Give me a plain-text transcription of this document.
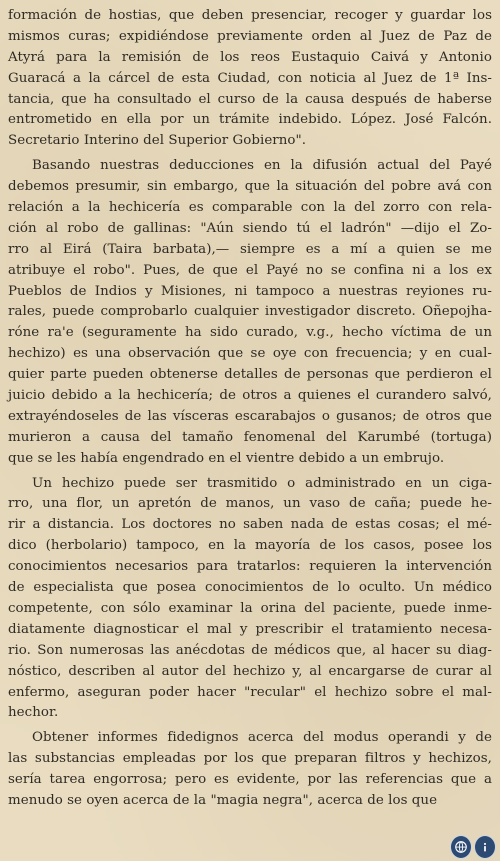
formación de hostias, que deben presenciar, recoger y guardar los
mismos curas; expidiéndose previamente orden al Juez de Paz de
Atyrá para la remisión de los reos Eustaquio Caivá y Antonio
Guaracá a la cárcel de esta Ciudad, con noticia al Juez de 1ª Ins-
tancia, que ha consultado el curso de la causa después de haberse
entrometido en ella por un trámite indebido. López. José Falcón.
Secretario Interino del Superior Gobierno".
Basando nuestras deducciones en la difusión actual del Payé
debemos presumir, sin embargo, que la situación del pobre avá con
relación a la hechicería es comparable con la del zorro con rela-
ción al robo de gallinas: "Aún siendo tú el ladrón" —dijo el Zo-
rro al Eirá (Taira barbata),— siempre es a mí a quien se me
atribuye el robo". Pues, de que el Payé no se confina ni a los ex
Pueblos de Indios y Misiones, ni tampoco a nuestras reyiones ru-
rales, puede comprobarlo cualquier investigador discreto. Oñepojha-
róne ra'e (seguramente ha sido curado, v.g., hecho víctima de un
hechizo) es una observación que se oye con frecuencia; y en cual-
quier parte pueden obtenerse detalles de personas que perdieron el
juicio debido a la hechicería; de otros a quienes el curandero salvó,
extrayéndoseles de las vísceras escarabajos o gusanos; de otros que
murieron a causa del tamaño fenomenal del Karumbé (tortuga)
que se les había engendrado en el vientre debido a un embrujo.
Un hechizo puede ser trasmitido o administrado en un ciga-
rro, una flor, un apretón de manos, un vaso de caña; puede he-
rir a distancia. Los doctores no saben nada de estas cosas; el mé-
dico (herbolario) tampoco, en la mayoría de los casos, posee los
conocimientos necesarios para tratarlos: requieren la intervención
de especialista que posea conocimientos de lo oculto. Un médico
competente, con sólo examinar la orina del paciente, puede inme-
diatamente diagnosticar el mal y prescribir el tratamiento necesa-
rio. Son numerosas las anécdotas de médicos que, al hacer su diag-
nóstico, describen al autor del hechizo y, al encargarse de curar al
enfermo, aseguran poder hacer "recular" el hechizo sobre el mal-
hechor.
Obtener informes fidedignos acerca del modus operandi y de
las substancias empleadas por los que preparan filtros y hechizos,
sería tarea engorrosa; pero es evidente, por las referencias que a
menudo se oyen acerca de la "magia negra", acerca de los que
